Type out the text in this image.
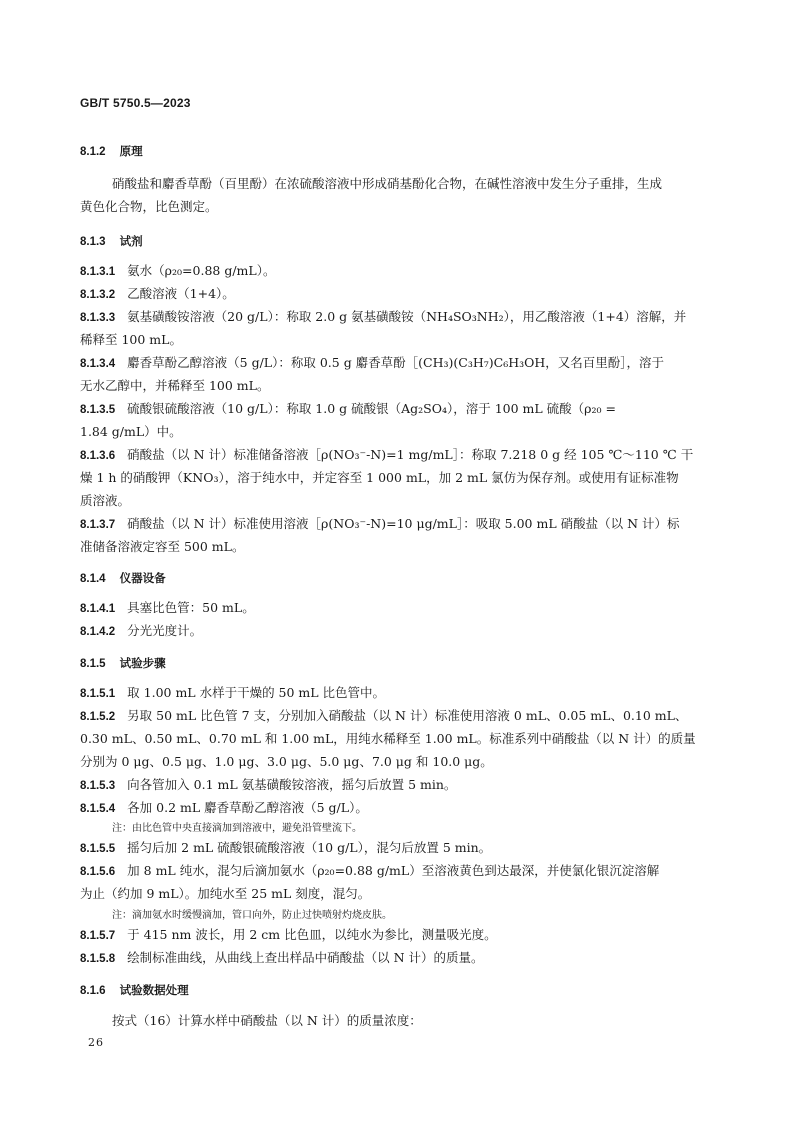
GB/T 5750.5—2023
8.1.2 原理
硝酸盐和麝香草酚（百里酚）在浓硫酸溶液中形成硝基酚化合物，在碱性溶液中发生分子重排，生成
黄色化合物，比色测定。
8.1.3 试剂
8.1.3.1 氨水（ρ₂₀=0.88 g/mL）。
8.1.3.2 乙酸溶液（1+4）。
8.1.3.3 氨基磺酸铵溶液（20 g/L）：称取 2.0 g 氨基磺酸铵（NH₄SO₃NH₂），用乙酸溶液（1+4）溶解，并
稀释至 100 mL。
8.1.3.4 麝香草酚乙醇溶液（5 g/L）：称取 0.5 g 麝香草酚［(CH₃)(C₃H₇)C₆H₃OH，又名百里酚］，溶于
无水乙醇中，并稀释至 100 mL。
8.1.3.5 硫酸银硫酸溶液（10 g/L）：称取 1.0 g 硫酸银（Ag₂SO₄），溶于 100 mL 硫酸（ρ₂₀ =
1.84 g/mL）中。
8.1.3.6 硝酸盐（以 N 计）标准储备溶液［ρ(NO₃⁻-N)=1 mg/mL］：称取 7.218 0 g 经 105 ℃～110 ℃ 干
燥 1 h 的硝酸钾（KNO₃），溶于纯水中，并定容至 1 000 mL，加 2 mL 氯仿为保存剂。或使用有证标准物
质溶液。
8.1.3.7 硝酸盐（以 N 计）标准使用溶液［ρ(NO₃⁻-N)=10 μg/mL］：吸取 5.00 mL 硝酸盐（以 N 计）标
准储备溶液定容至 500 mL。
8.1.4 仪器设备
8.1.4.1 具塞比色管：50 mL。
8.1.4.2 分光光度计。
8.1.5 试验步骤
8.1.5.1 取 1.00 mL 水样于干燥的 50 mL 比色管中。
8.1.5.2 另取 50 mL 比色管 7 支，分别加入硝酸盐（以 N 计）标准使用溶液 0 mL、0.05 mL、0.10 mL、
0.30 mL、0.50 mL、0.70 mL 和 1.00 mL，用纯水稀释至 1.00 mL。标准系列中硝酸盐（以 N 计）的质量
分别为 0 μg、0.5 μg、1.0 μg、3.0 μg、5.0 μg、7.0 μg 和 10.0 μg。
8.1.5.3 向各管加入 0.1 mL 氨基磺酸铵溶液，摇匀后放置 5 min。
8.1.5.4 各加 0.2 mL 麝香草酚乙醇溶液（5 g/L）。
注：由比色管中央直接滴加到溶液中，避免沿管壁流下。
8.1.5.5 摇匀后加 2 mL 硫酸银硫酸溶液（10 g/L），混匀后放置 5 min。
8.1.5.6 加 8 mL 纯水，混匀后滴加氨水（ρ₂₀=0.88 g/mL）至溶液黄色到达最深，并使氯化银沉淀溶解
为止（约加 9 mL）。加纯水至 25 mL 刻度，混匀。
注：滴加氨水时缓慢滴加，管口向外，防止过快喷射灼烧皮肤。
8.1.5.7 于 415 nm 波长，用 2 cm 比色皿，以纯水为参比，测量吸光度。
8.1.5.8 绘制标准曲线，从曲线上查出样品中硝酸盐（以 N 计）的质量。
8.1.6 试验数据处理
按式（16）计算水样中硝酸盐（以 N 计）的质量浓度：
26
